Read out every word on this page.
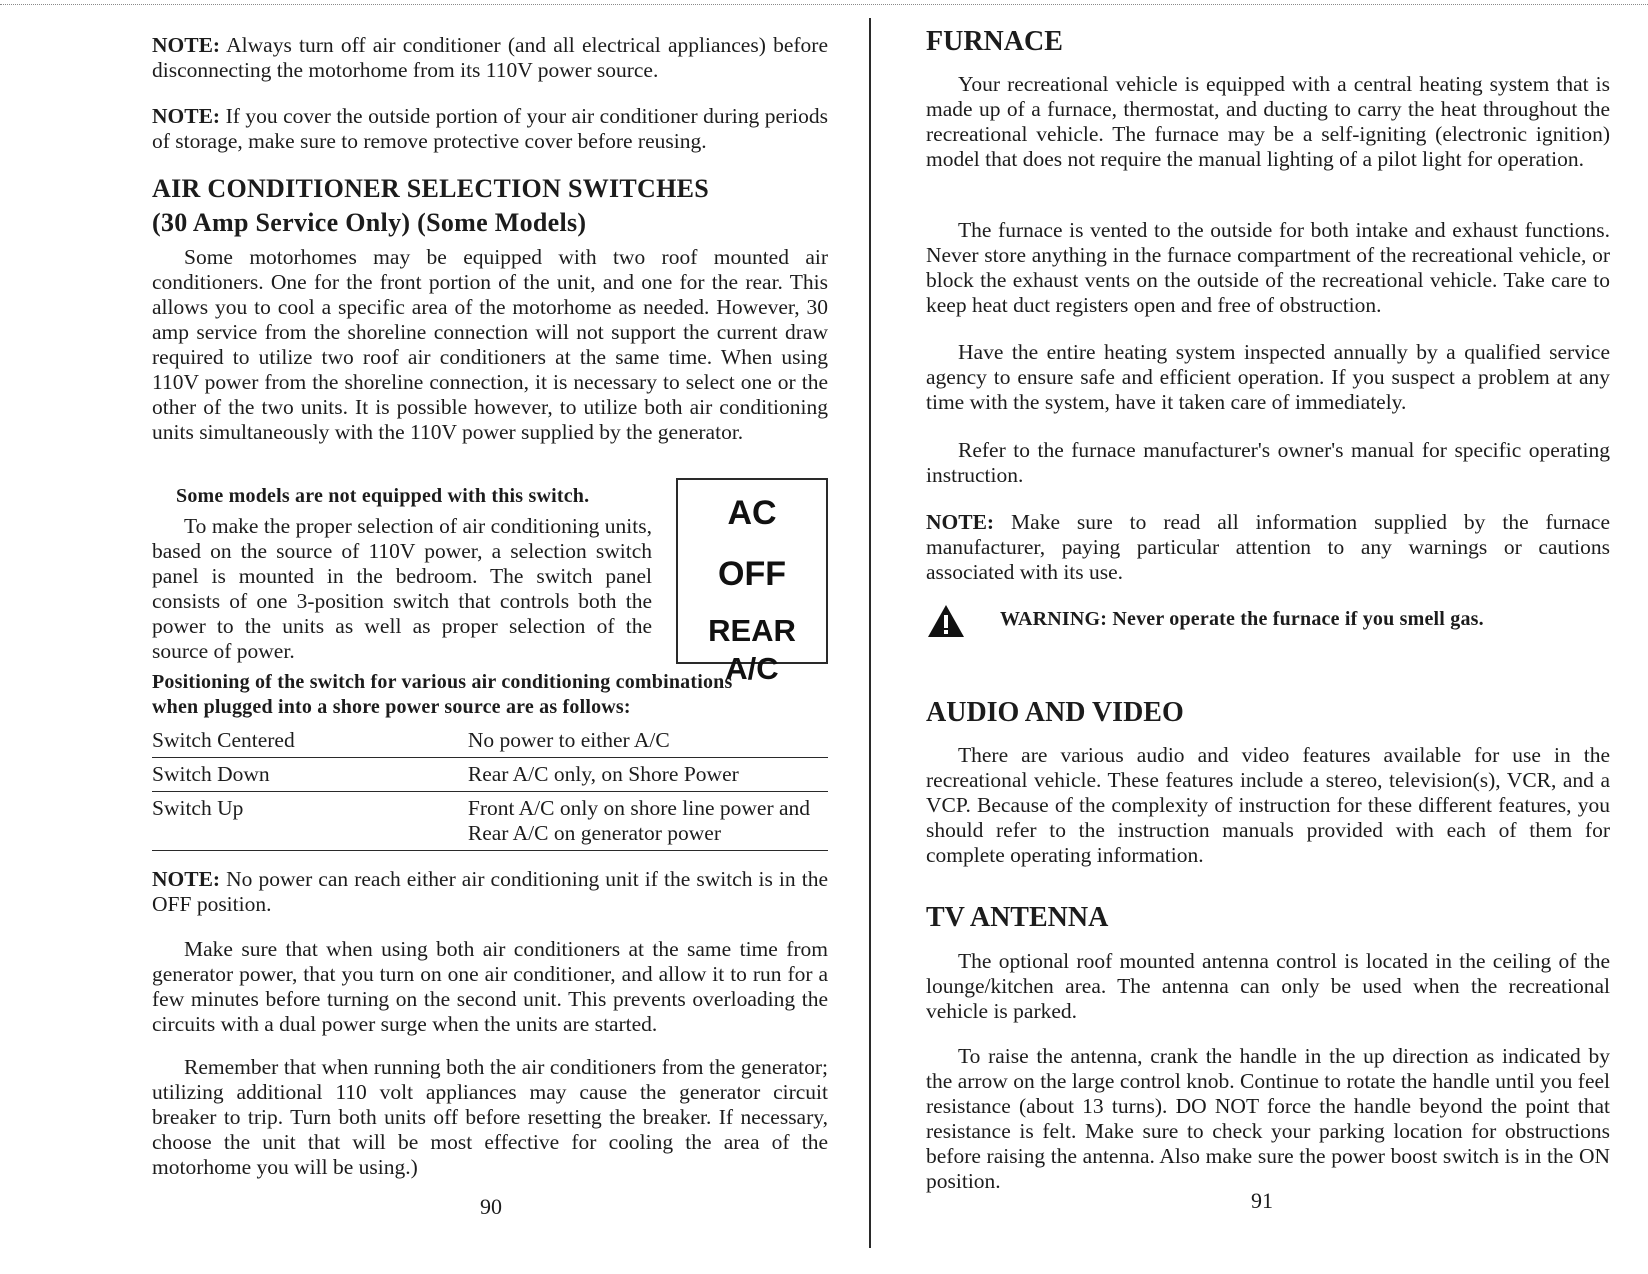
NOTE: Always turn off air conditioner (and all electrical appliances) before disconnecting the motorhome from its 110V power source.

NOTE: If you cover the outside portion of your air conditioner during periods of storage, make sure to remove protective cover before reusing.

AIR CONDITIONER SELECTION SWITCHES
(30 Amp Service Only) (Some Models)

Some motorhomes may be equipped with two roof mounted air conditioners. One for the front portion of the unit, and one for the rear. This allows you to cool a specific area of the motorhome as needed. However, 30 amp service from the shoreline connection will not support the current draw required to utilize two roof air conditioners at the same time. When using 110V power from the shoreline connection, it is necessary to select one or the other of the two units. It is possible however, to utilize both air conditioning units simultaneously with the 110V power supplied by the generator.

Some models are not equipped with this switch.

To make the proper selection of air conditioning units, based on the source of 110V power, a selection switch panel is mounted in the bedroom. The switch panel consists of one 3-position switch that controls both the power to the units as well as proper selection of the source of power.

AC
OFF
REAR A/C
Positioning of the switch for various air conditioning combinations
when plugged into a shore power source are as follows:
Switch Centered	No power to either A/C
Switch Down	Rear A/C only, on Shore Power
Switch Up	Front A/C only on shore line power and Rear A/C on generator power

NOTE: No power can reach either air conditioning unit if the switch is in the OFF position.

Make sure that when using both air conditioners at the same time from generator power, that you turn on one air conditioner, and allow it to run for a few minutes before turning on the second unit. This prevents overloading the circuits with a dual power surge when the units are started.

Remember that when running both the air conditioners from the generator; utilizing additional 110 volt appliances may cause the generator circuit breaker to trip. Turn both units off before resetting the breaker. If necessary, choose the unit that will be most effective for cooling the area of the motorhome you will be using.)

90
FURNACE

Your recreational vehicle is equipped with a central heating system that is made up of a furnace, thermostat, and ducting to carry the heat throughout the recreational vehicle. The furnace may be a self-igniting (electronic ignition) model that does not require the manual lighting of a pilot light for operation.

The furnace is vented to the outside for both intake and exhaust functions. Never store anything in the furnace compartment of the recreational vehicle, or block the exhaust vents on the outside of the recreational vehicle. Take care to keep heat duct registers open and free of obstruction.

Have the entire heating system inspected annually by a qualified service agency to ensure safe and efficient operation. If you suspect a problem at any time with the system, have it taken care of immediately.

Refer to the furnace manufacturer's owner's manual for specific operating instruction.

NOTE: Make sure to read all information supplied by the furnace manufacturer, paying particular attention to any warnings or cautions associated with its use.

WARNING: Never operate the furnace if you smell gas.
AUDIO AND VIDEO

There are various audio and video features available for use in the recreational vehicle. These features include a stereo, television(s), VCR, and a VCP. Because of the complexity of instruction for these different features, you should refer to the instruction manuals provided with each of them for complete operating information.

TV ANTENNA

The optional roof mounted antenna control is located in the ceiling of the lounge/kitchen area. The antenna can only be used when the recreational vehicle is parked.

To raise the antenna, crank the handle in the up direction as indicated by the arrow on the large control knob. Continue to rotate the handle until you feel resistance (about 13 turns). DO NOT force the handle beyond the point that resistance is felt. Make sure to check your parking location for obstructions before raising the antenna. Also make sure the power boost switch is in the ON position.

91
